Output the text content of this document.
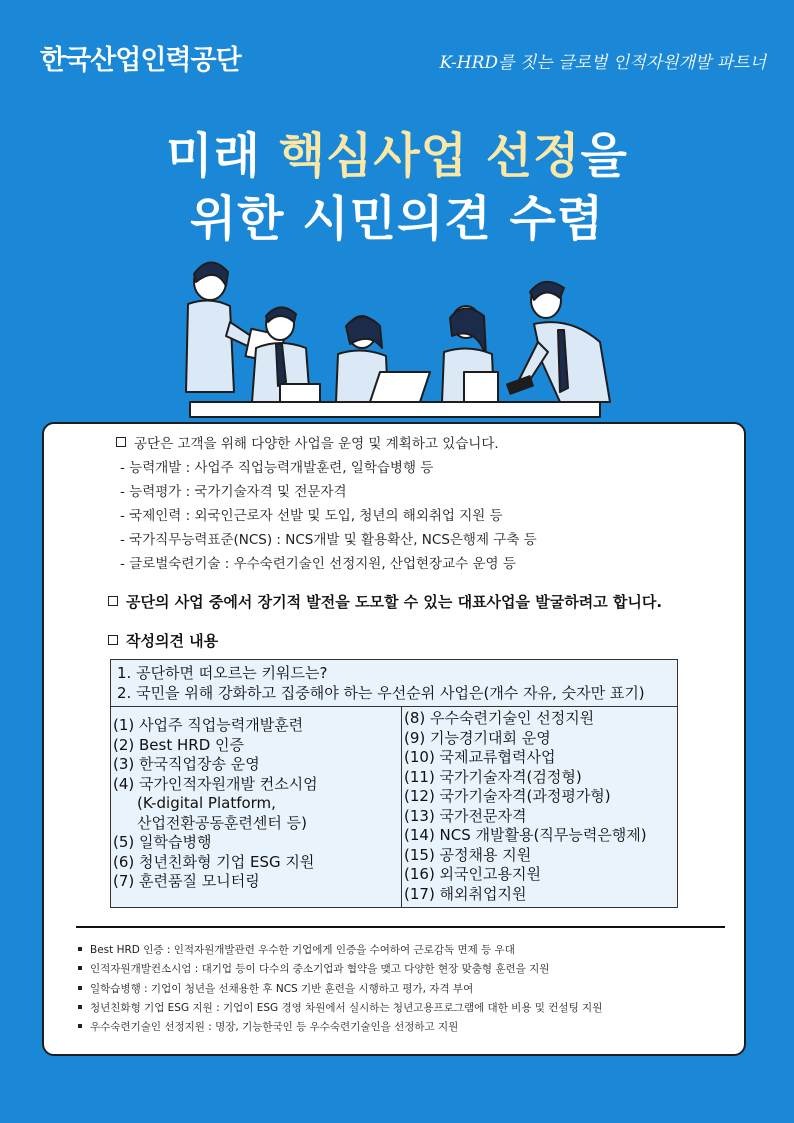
한국산업인력공단	K-HRD를 짓는 글로벌 인적자원개발 파트너
미래 핵심사업 선정을
위한 시민의견 수렴
공단은 고객을 위해 다양한 사업을 운영 및 계획하고 있습니다.
- 능력개발 : 사업주 직업능력개발훈련, 일학습병행 등
- 능력평가 : 국가기술자격 및 전문자격
- 국제인력 : 외국인근로자 선발 및 도입, 청년의 해외취업 지원 등
- 국가직무능력표준(NCS) : NCS개발 및 활용확산, NCS은행제 구축 등
- 글로벌숙련기술 : 우수숙련기술인 선정지원, 산업현장교수 운영 등
공단의 사업 중에서 장기적 발전을 도모할 수 있는 대표사업을 발굴하려고 합니다.
작성의견 내용
1. 공단하면 떠오르는 키워드는?
2. 국민을 위해 강화하고 집중해야 하는 우선순위 사업은(개수 자유, 숫자만 표기)
(1) 사업주 직업능력개발훈련
(2) Best HRD 인증
(3) 한국직업장송 운영
(4) 국가인적자원개발 컨소시엄
(K-digital Platform,
산업전환공동훈련센터 등)
(5) 일학습병행
(6) 청년친화형 기업 ESG 지원
(7) 훈련품질 모니터링
(8) 우수숙련기술인 선정지원
(9) 기능경기대회 운영
(10) 국제교류협력사업
(11) 국가기술자격(검정형)
(12) 국가기술자격(과정평가형)
(13) 국가전문자격
(14) NCS 개발활용(직무능력은행제)
(15) 공정채용 지원
(16) 외국인고용지원
(17) 해외취업지원
Best HRD 인증 : 인적자원개발관련 우수한 기업에게 인증을 수여하여 근로감독 면제 등 우대
인적자원개발컨소시엄 : 대기업 등이 다수의 중소기업과 협약을 맺고 다양한 현장 맞춤형 훈련을 지원
일학습병행 : 기업이 청년을 선채용한 후 NCS 기반 훈련을 시행하고 평가, 자격 부여
청년친화형 기업 ESG 지원 : 기업이 ESG 경영 차원에서 실시하는 청년고용프로그램에 대한 비용 및 컨설팅 지원
우수숙련기술인 선정지원 : 명장, 기능한국인 등 우수숙련기술인을 선정하고 지원
